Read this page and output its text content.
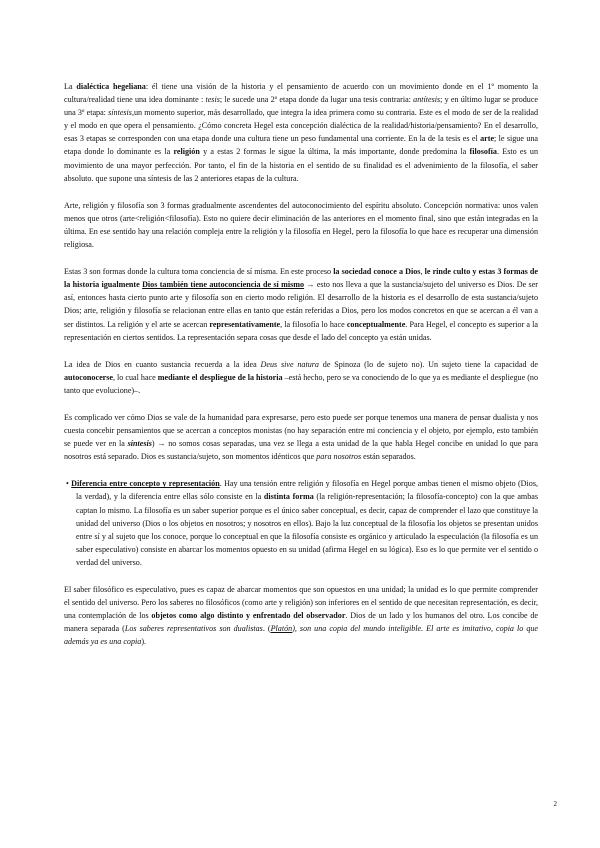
La dialéctica hegeliana: él tiene una visión de la historia y el pensamiento de acuerdo con un movimiento donde en el 1º momento la cultura/realidad tiene una idea dominante : tesis; le sucede una 2º etapa donde da lugar una tesis contraria: antítesis; y en último lugar se produce una 3º etapa: síntesis,un momento superior, más desarrollado, que integra la idea primera como su contraria. Este es el modo de ser de la realidad y el modo en que opera el pensamiento. ¿Cómo concreta Hegel esta concepción dialéctica de la realidad/historia/pensamiento? En el desarrollo, esas 3 etapas se corresponden con una etapa donde una cultura tiene un peso fundamental una corriente. En la de la tesis es el arte; le sigue una etapa donde lo dominante es la religión y a estas 2 formas le sigue la última, la más importante, donde predomina la filosofía. Esto es un movimiento de una mayor perfección. Por tanto, el fin de la historia en el sentido de su finalidad es el advenimiento de la filosofía, el saber absoluto. que supone una síntesis de las 2 anteriores etapas de la cultura.

Arte, religión y filosofía son 3 formas gradualmente ascendentes del autoconocimiento del espíritu absoluto. Concepción normativa: unos valen menos que otros (arte<religión<filosofía). Esto no quiere decir eliminación de las anteriores en el momento final, sino que están integradas en la última. En ese sentido hay una relación compleja entre la religión y la filosofía en Hegel, pero la filosofía lo que hace es recuperar una dimensión religiosa.

Estas 3 son formas donde la cultura toma conciencia de sí misma. En este proceso la sociedad conoce a Dios, le rinde culto y estas 3 formas de la historia igualmente Dios también tiene autoconciencia de sí mismo → esto nos lleva a que la sustancia/sujeto del universo es Dios. De ser así, entonces hasta cierto punto arte y filosofía son en cierto modo religión. El desarrollo de la historia es el desarrollo de esta sustancia/sujeto Dios; arte, religión y filosofía se relacionan entre ellas en tanto que están referidas a Dios, pero los modos concretos en que se acercan a él van a ser distintos. La religión y el arte se acercan representativamente, la filosofía lo hace conceptualmente. Para Hegel, el concepto es superior a la representación en ciertos sentidos. La representación separa cosas que desde el lado del concepto ya están unidas.

La idea de Dios en cuanto sustancia recuerda a la idea Deus sive natura de Spinoza (lo de sujeto no). Un sujeto tiene la capacidad de autoconocerse, lo cual hace mediante el despliegue de la historia –está hecho, pero se va conociendo de lo que ya es mediante el despliegue (no tanto que evolucione)–.

Es complicado ver cómo Dios se vale de la humanidad para expresarse, pero esto puede ser porque tenemos una manera de pensar dualista y nos cuesta concebir pensamientos que se acercan a conceptos monistas (no hay separación entre mi conciencia y el objeto, por ejemplo, esto también se puede ver en la síntesis) → no somos cosas separadas, una vez se llega a esta unidad de la que habla Hegel concibe en unidad lo que para nosotros está separado. Dios es sustancia/sujeto, son momentos idénticos que para nosotros están separados.

• Diferencia entre concepto y representación. Hay una tensión entre religión y filosofía en Hegel porque ambas tienen el mismo objeto (Dios, la verdad), y la diferencia entre ellas sólo consiste en la distinta forma (la religión-representación; la filosofía-concepto) con la que ambas captan lo mismo. La filosofía es un saber superior porque es el único saber conceptual, es decir, capaz de comprender el lazo que constituye la unidad del universo (Dios o los objetos en nosotros; y nosotros en ellos). Bajo la luz conceptual de la filosofía los objetos se presentan unidos entre sí y al sujeto que los conoce, porque lo conceptual en que la filosofía consiste es orgánico y articulado la especulación (la filosofía es un saber especulativo) consiste en abarcar los momentos opuesto en su unidad (afirma Hegel en su lógica). Eso es lo que permite ver el sentido o verdad del universo.

El saber filosófico es especulativo, pues es capaz de abarcar momentos que son opuestos en una unidad; la unidad es lo que permite comprender el sentido del universo. Pero los saberes no filosóficos (como arte y religión) son inferiores en el sentido de que necesitan representación, es decir, una contemplación de los objetos como algo distinto y enfrentado del observador. Dios de un lado y los humanos del otro. Los concibe de manera separada (Los saberes representativos son dualistas. (Platón), son una copia del mundo inteligible. El arte es imitativo, copia lo que además ya es una copia).

2
